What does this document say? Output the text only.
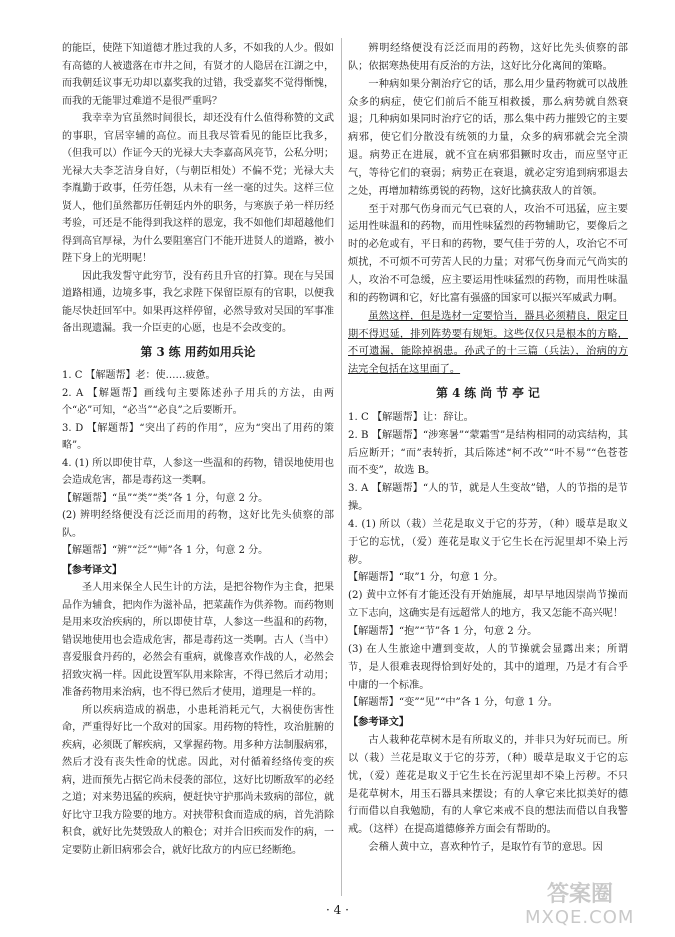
的能臣，使陛下知道德才胜过我的人多，不如我的人少。假如有高德的人被遗落在市井之间，有贤才的人隐居在江湖之中，而我朝廷议事无功却以嘉奖我的过错，我受嘉奖不觉得惭愧，而我的无能罪过难道不是很严重吗？

我幸幸为官虽然时间很长，却还没有什么值得称赞的文武的事职，官居宰辅的高位。而且我尽管看见的能臣比我多，（但我可以）作证今天的光禄大夫李嘉高风亮节，公私分明；光禄大夫李芝洁身自好，（与朝臣相处）不偏不党；光禄大夫李胤勤于政事，任劳任怨，从未有一丝一毫的过失。这样三位贤人，他们虽然都历任朝廷内外的职务，与寒族子弟一样历经考验，可还是不能得到我这样的恩宠，我不如他们却超越他们得到高官厚禄，为什么要阻塞宫门不能开进贤人的道路，被小陛下身上的光明呢！

因此我发誓守此穷节，没有药且升官的打算。现在与吴国道路相通，边境多事，我乞求陛下保留臣原有的官职，以便我能尽快赶回军中。如果再这样停留，必然导致对吴国的军事准备出现遗漏。我一介臣吏的心愿，也是不会改变的。

第 3 练 用药如用兵论

1. C 【解题帮】老：使……疲惫。

2. A 【解题帮】画线句主要陈述孙子用兵的方法，由两个“必”可知，“必当”“必良”之后要断开。

3. D 【解题帮】“突出了药的作用”，应为“突出了用药的策略”。

4. (1) 所以即使甘草，人参这一些温和的药物，错误地使用也会造成危害，都是毒药这一类啊。

【解题帮】“虽”“类”“类”各 1 分，句意 2 分。

(2) 辨明经络便没有泛泛而用的药物，这好比先头侦察的部队。

【解题帮】“辨”“泛”“师”各 1 分，句意 2 分。

【参考译文】

圣人用来保全人民生计的方法，是把谷物作为主食，把果品作为辅食，把肉作为滋补品，把菜蔬作为供养物。而药物则是用来攻治疾病的，所以即使甘草，人参这一些温和的药物，错误地使用也会造成危害，都是毒药这一类啊。古人（当中）喜爱服食丹药的，必然会有重病，就像喜欢作战的人，必然会招致灾祸一样。因此设置军队用来除害，不得已然后才动用；准备药物用来治病，也不得已然后才使用，道理是一样的。

所以疾病造成的祸患，小患耗消耗元气，大祸使伤害性命，严重得好比一个敌对的国家。用药物的特性，攻治脏腑的疾病，必须既了解疾病，又掌握药物。用多种方法制服病邪，然后才没有丧失性命的忧虑。因此，对付循着经络传变的疾病，进而预先占据它尚未侵袭的部位，这好比切断敌军的必经之道；对来势迅猛的疾病，便赶快守护那尚未致病的部位，就好比守卫我方险要的地方。对挟带积食而造成的病，首先消除积食，就好比先焚毁敌人的粮仓；对并合旧疾而发作的病，一定要防止新旧病邪会合，就好比敌方的内应已经断绝。

辨明经络便没有泛泛而用的药物，这好比先头侦察的部队；依据寒热使用有反治的方法，这好比分化离间的策略。

一种病如果分割治疗它的话，那么用少量药物就可以战胜众多的病症，使它们前后不能互相救援，那么病势就自然衰退；几种病如果同时治疗它的话，那么集中药力摧毁它的主要病邪，使它们分散没有统领的力量，众多的病邪就会完全溃退。病势正在进展，就不宜在病邪猖獗时攻击，而应坚守正气，等待它们的衰弱；病势正在衰退，就必定穷追到病邪退去之处，再增加精练勇锐的药物，这好比擒获敌人的首领。

至于对那气伤身而元气已衰的人，攻治不可迅猛，应主要运用性味温和的药物，而用性味猛烈的药物辅助它，要像后之时的必危或有，平日和的药物，要气佳于劳的人，攻治它不可烦扰，不可烦不可劳苦人民的力量；对邪气伤身而元气尚实的人，攻治不可急缓，应主要运用性味猛烈的药物，而用性味温和的药物调和它，好比富有强盛的国家可以振兴军威武力啊。

虽然这样，但是选材一定要恰当，器具必须精良，限定日期不得迟延，排列阵势要有规矩。这些仅仅只是根本的方略，不可遗漏，能除掉祸患。孙武子的十三篇（兵法），治病的方法完全包括在这里面了。

第 4 练 尚 节 亭 记

1. C 【解题帮】让：辞让。

2. B 【解题帮】“涉寒暑”“蒙霜雪”是结构相同的动宾结构，其后应断开；“而”表转折，其后陈述“柯不改”“叶不易”“色苍苍而不变”，故选 B。

3. A 【解题帮】“人的节，就是人生变故”错，人的节指的是节操。

4. (1) 所以（栽）兰花是取义于它的芬芳，（种）暖草是取义于它的忘忧，（爱）莲花是取义于它生长在污泥里却不染上污秽。

【解题帮】“取”1 分，句意 1 分。

(2) 黄中立怀有才能还没有开始施展，却早早地因崇尚节操而立下志向，这确实是有远超常人的地方，我又怎能不高兴呢！

【解题帮】“抱”“节”各 1 分，句意 2 分。

(3) 在人生旅途中遭到变故，人的节操就会显露出来；所谓节，是人很难表现得恰到好处的，其中的道理，乃是才有合乎中庸的一个标准。

【解题帮】“变”“见”“中”各 1 分，句意 1 分。

【参考译文】

古人栽种花草树木是有所取义的，并非只为好玩而已。所以（栽）兰花是取义于它的芬芳，（种）暖草是取义于它的忘忧，（爱）莲花是取义于它生长在污泥里却不染上污秽。不只是花草树木，用玉石器具来摆设；有的人拿它来比拟美好的德行而借以自我勉励，有的人拿它来戒不良的想法而借以自我警戒。（这样）在提高道德修养方面会有帮助的。

会稽人黄中立，喜欢种竹子，是取竹有节的意思。因

· 4 ·
答案圈
MXQE.COM
